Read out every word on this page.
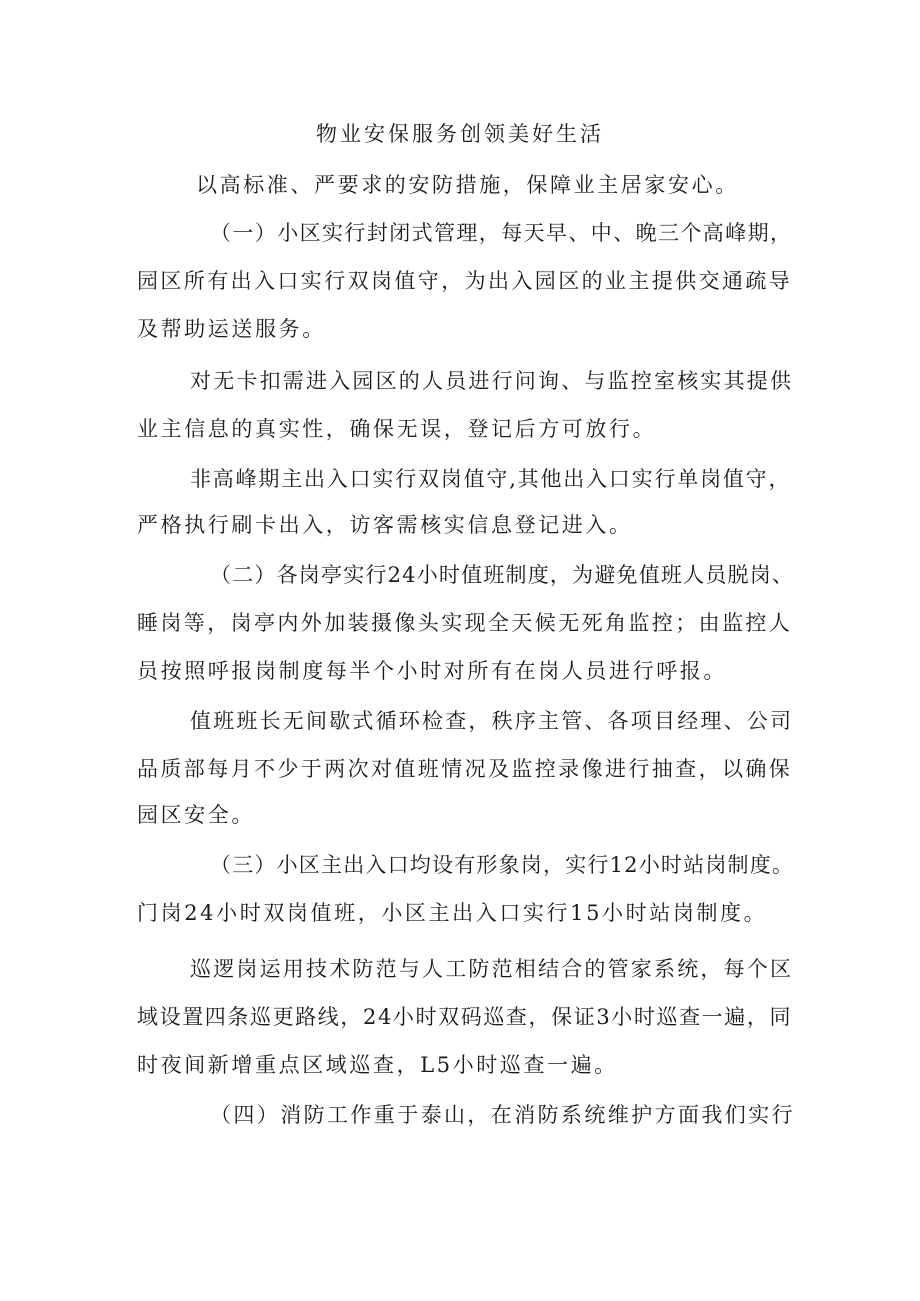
物业安保服务创领美好生活
以高标准、严要求的安防措施，保障业主居家安心。
（一）小区实行封闭式管理，每天早、中、晚三个高峰期，
园区所有出入口实行双岗值守，为出入园区的业主提供交通疏导
及帮助运送服务。
对无卡扣需进入园区的人员进行问询、与监控室核实其提供
业主信息的真实性，确保无误，登记后方可放行。
非高峰期主出入口实行双岗值守,其他出入口实行单岗值守，
严格执行刷卡出入，访客需核实信息登记进入。
（二）各岗亭实行24小时值班制度，为避免值班人员脱岗、
睡岗等，岗亭内外加装摄像头实现全天候无死角监控；由监控人
员按照呼报岗制度每半个小时对所有在岗人员进行呼报。
值班班长无间歇式循环检查，秩序主管、各项目经理、公司
品质部每月不少于两次对值班情况及监控录像进行抽查，以确保
园区安全。
（三）小区主出入口均设有形象岗，实行12小时站岗制度。
门岗24小时双岗值班，小区主出入口实行15小时站岗制度。
巡逻岗运用技术防范与人工防范相结合的管家系统，每个区
域设置四条巡更路线，24小时双码巡查，保证3小时巡查一遍，同
时夜间新增重点区域巡查，L5小时巡查一遍。
（四）消防工作重于泰山，在消防系统维护方面我们实行
